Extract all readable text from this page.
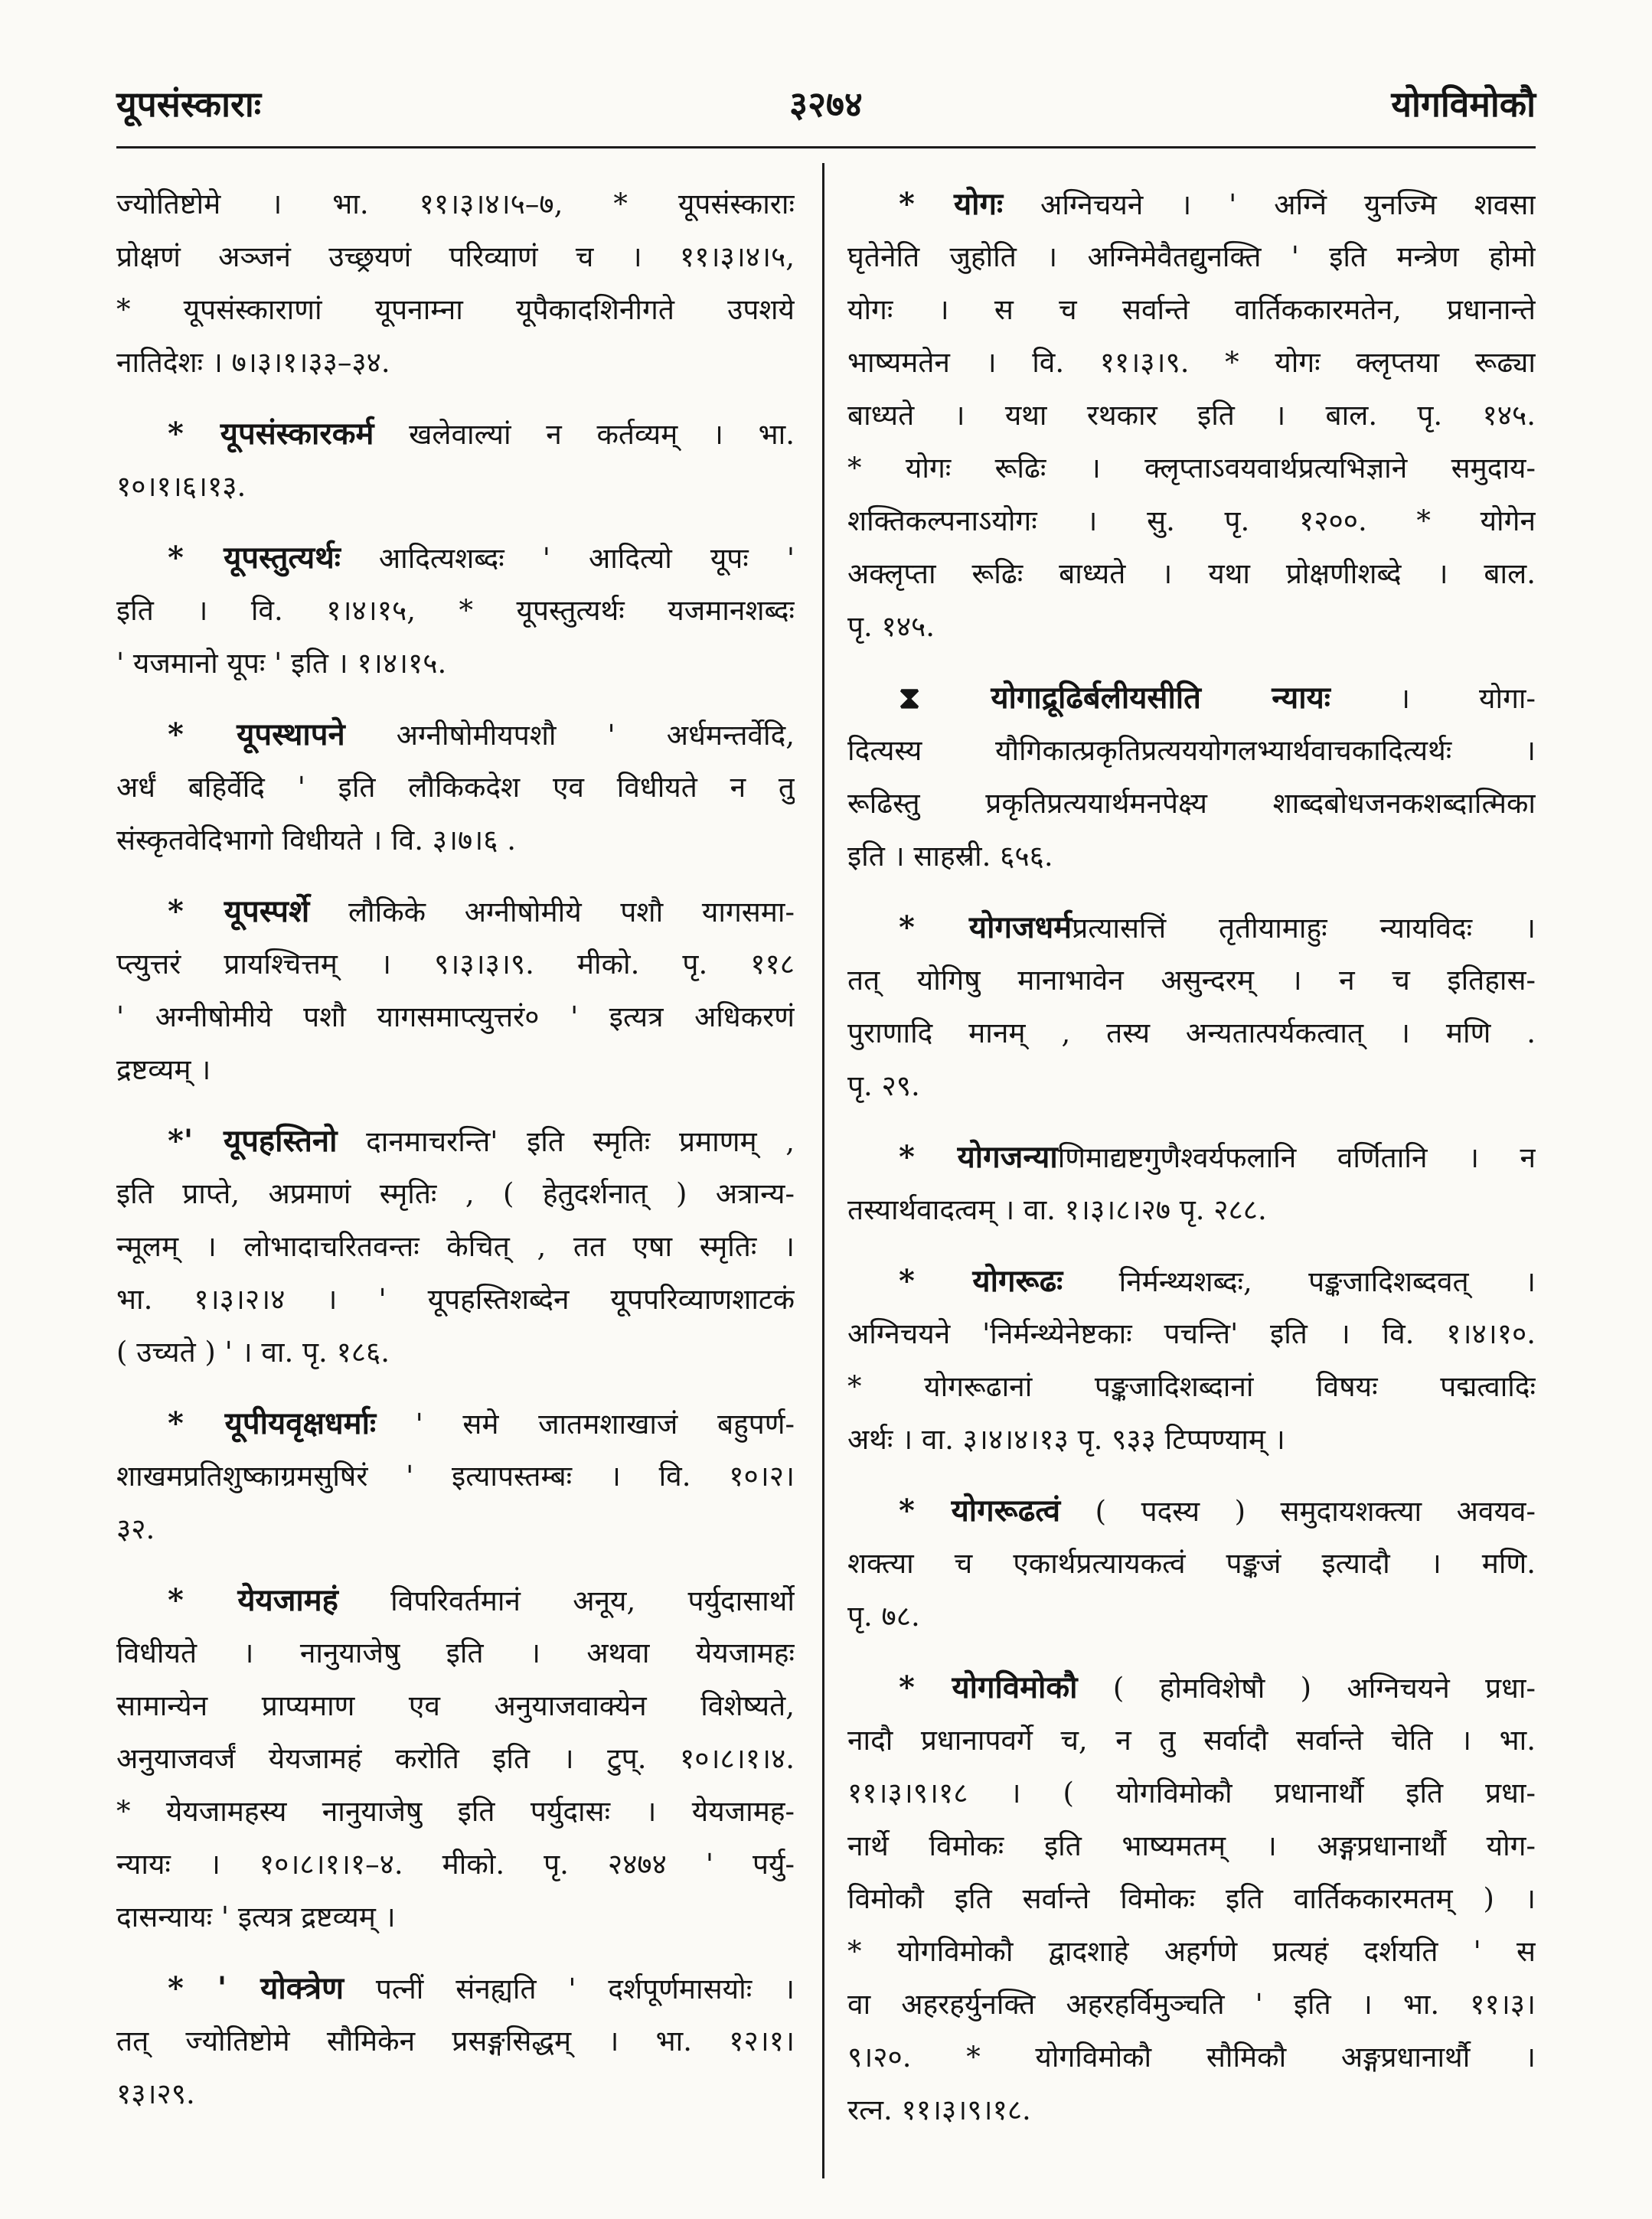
यूपसंस्काराः	३२७४	योगविमोकौ
ज्योतिष्टोमे । भा. ११।३।४।५–७, * यूपसंस्काराः
प्रोक्षणं अञ्जनं उच्छ्रयणं परिव्याणं च । ११।३।४।५,
* यूपसंस्काराणां यूपनाम्ना यूपैकादशिनीगते उपशये
नातिदेशः । ७।३।१।३३–३४.
* यूपसंस्कारकर्म खलेवाल्यां न कर्तव्यम् । भा.
१०।१।६।१३.
* यूपस्तुत्यर्थः आदित्यशब्दः ' आदित्यो यूपः '
इति । वि. १।४।१५, * यूपस्तुत्यर्थः यजमानशब्दः
' यजमानो यूपः ' इति । १।४।१५.
* यूपस्थापने अग्नीषोमीयपशौ ' अर्धमन्तर्वेदि,
अर्धं बहिर्वेदि ' इति लौकिकदेश एव विधीयते न तु
संस्कृतवेदिभागो विधीयते । वि. ३।७।६ .
* यूपस्पर्शे लौकिके अग्नीषोमीये पशौ यागसमा-
प्त्युत्तरं प्रायश्चित्तम् । ९।३।३।९. मीको. पृ. ११८
' अग्नीषोमीये पशौ यागसमाप्त्युत्तरं० ' इत्यत्र अधिकरणं
द्रष्टव्यम् ।
*' यूपहस्तिनो दानमाचरन्ति' इति स्मृतिः प्रमाणम् ,
इति प्राप्ते, अप्रमाणं स्मृतिः , ( हेतुदर्शनात् ) अत्रान्य-
न्मूलम् । लोभादाचरितवन्तः केचित् , तत एषा स्मृतिः ।
भा. १।३।२।४ । ' यूपहस्तिशब्देन यूपपरिव्याणशाटकं
( उच्यते ) ' । वा. पृ. १८६.
* यूपीयवृक्षधर्माः ' समे जातमशाखाजं बहुपर्ण-
शाखमप्रतिशुष्काग्रमसुषिरं ' इत्यापस्तम्बः । वि. १०।२।
३२.
* येयजामहं विपरिवर्तमानं अनूय, पर्युदासार्थो
विधीयते । नानुयाजेषु इति । अथवा येयजामहः
सामान्येन प्राप्यमाण एव अनुयाजवाक्येन विशेष्यते,
अनुयाजवर्जं येयजामहं करोति इति । टुप्. १०।८।१।४.
* येयजामहस्य नानुयाजेषु इति पर्युदासः । येयजामह-
न्यायः । १०।८।१।१–४. मीको. पृ. २४७४ ' पर्यु-
दासन्यायः ' इत्यत्र द्रष्टव्यम् ।
* ' योक्त्रेण पत्नीं संनह्यति ' दर्शपूर्णमासयोः ।
तत् ज्योतिष्टोमे सौमिकेन प्रसङ्गसिद्धम् । भा. १२।१।
१३।२९.
* योगः अग्निचयने । ' अग्निं युनज्मि शवसा
घृतेनेति जुहोति । अग्निमेवैतद्युनक्ति ' इति मन्त्रेण होमो
योगः । स च सर्वान्ते वार्तिककारमतेन, प्रधानान्ते
भाष्यमतेन । वि. ११।३।९. * योगः क्लृप्तया रूढ्या
बाध्यते । यथा रथकार इति । बाल. पृ. १४५.
* योगः रूढिः । क्लृप्ताऽवयवार्थप्रत्यभिज्ञाने समुदाय-
शक्तिकल्पनाऽयोगः । सु. पृ. १२००. * योगेन
अक्लृप्ता रूढिः बाध्यते । यथा प्रोक्षणीशब्दे । बाल.
पृ. १४५.
⧗ योगाद्रूढिर्बलीयसीति न्यायः । योगा-
दित्यस्य यौगिकात्प्रकृतिप्रत्यययोगलभ्यार्थवाचकादित्यर्थः ।
रूढिस्तु प्रकृतिप्रत्ययार्थमनपेक्ष्य शाब्दबोधजनकशब्दात्मिका
इति । साहस्री. ६५६.
* योगजधर्मप्रत्यासत्तिं तृतीयामाहुः न्यायविदः ।
तत् योगिषु मानाभावेन असुन्दरम् । न च इतिहास-
पुराणादि मानम् , तस्य अन्यतात्पर्यकत्वात् । मणि .
पृ. २९.
* योगजन्याणिमाद्यष्टगुणैश्वर्यफलानि वर्णितानि । न
तस्यार्थवादत्वम् । वा. १।३।८।२७ पृ. २८८.
* योगरूढः निर्मन्थ्यशब्दः, पङ्कजादिशब्दवत् ।
अग्निचयने 'निर्मन्थ्येनेष्टकाः पचन्ति' इति । वि. १।४।१०.
* योगरूढानां पङ्कजादिशब्दानां विषयः पद्मत्वादिः
अर्थः । वा. ३।४।४।१३ पृ. ९३३ टिप्पण्याम् ।
* योगरूढत्वं ( पदस्य ) समुदायशक्त्या अवयव-
शक्त्या च एकार्थप्रत्यायकत्वं पङ्कजं इत्यादौ । मणि.
पृ. ७८.
* योगविमोकौ ( होमविशेषौ ) अग्निचयने प्रधा-
नादौ प्रधानापवर्गे च, न तु सर्वादौ सर्वान्ते चेति । भा.
११।३।९।१८ । ( योगविमोकौ प्रधानार्थौ इति प्रधा-
नार्थे विमोकः इति भाष्यमतम् । अङ्गप्रधानार्थौ योग-
विमोकौ इति सर्वान्ते विमोकः इति वार्तिककारमतम् ) ।
* योगविमोकौ द्वादशाहे अहर्गणे प्रत्यहं दर्शयति ' स
वा अहरहर्युनक्ति अहरहर्विमुञ्चति ' इति । भा. ११।३।
९।२०. * योगविमोकौ सौमिकौ अङ्गप्रधानार्थौ ।
रत्न. ११।३।९।१८.
